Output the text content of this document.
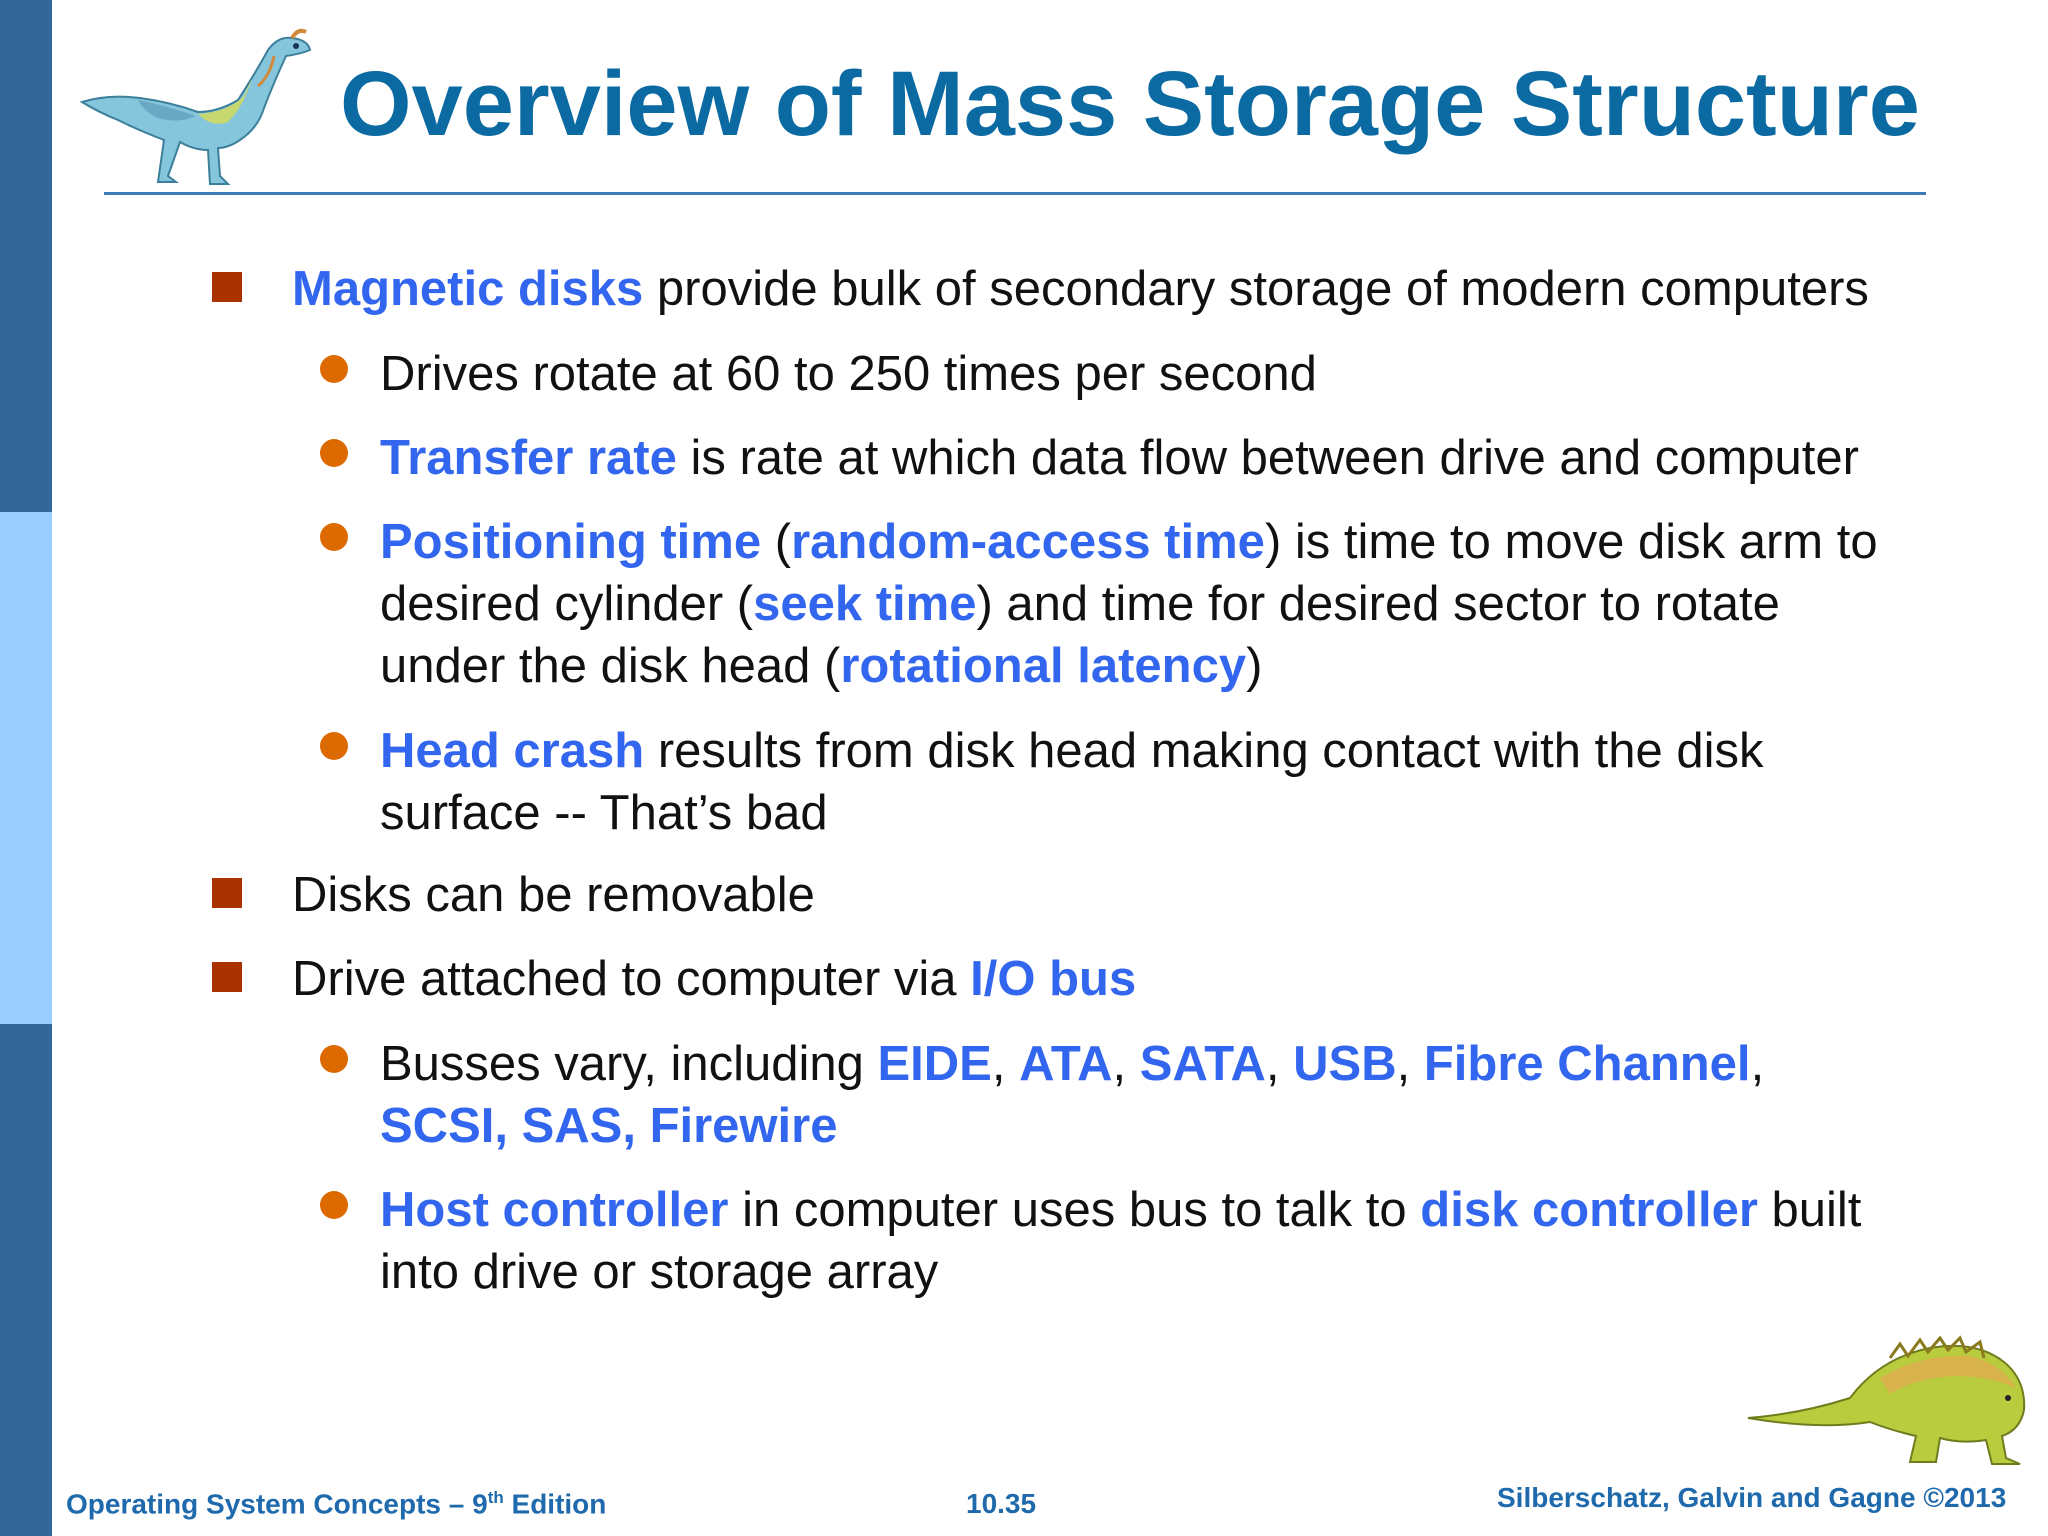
Overview of Mass Storage Structure
Magnetic disks provide bulk of secondary storage of modern computers
Drives rotate at 60 to 250 times per second
Transfer rate is rate at which data flow between drive and computer
Positioning time (random-access time) is time to move disk arm to
desired cylinder (seek time) and time for desired sector to rotate
under the disk head (rotational latency)
Head crash results from disk head making contact with the disk
surface -- That’s bad
Disks can be removable
Drive attached to computer via I/O bus
Busses vary, including EIDE, ATA, SATA, USB, Fibre Channel,
SCSI, SAS, Firewire
Host controller in computer uses bus to talk to disk controller built
into drive or storage array
Operating System Concepts – 9th Edition	10.35	Silberschatz, Galvin and Gagne ©2013
